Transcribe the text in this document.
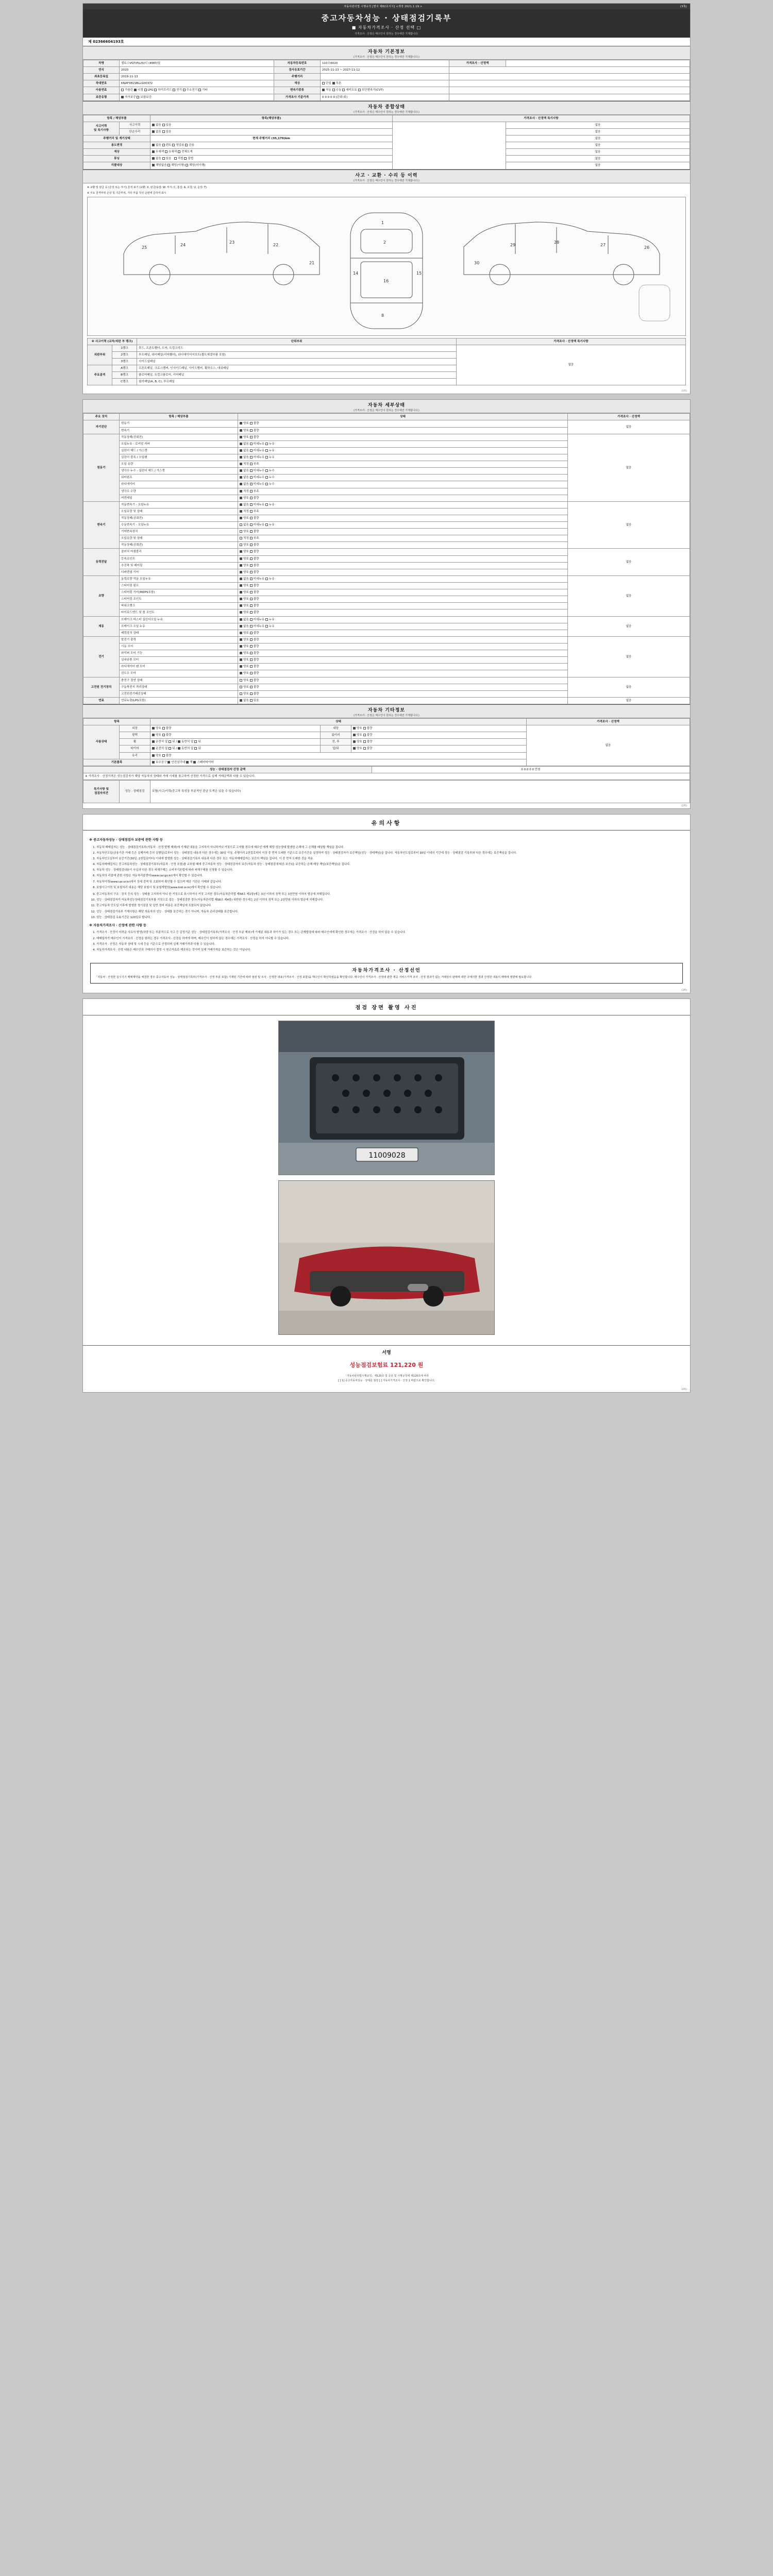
자동차관리법 시행규칙 [별지 제82호서식] <개정 2021.1.19.>	(3쪽)
중고자동차성능 · 상태점검기록부
■ 자동차가격조사 · 산정 선택 □
가격조사 · 산정은 매수인이 원하는 경우에만 기재합니다.
제 02366604193호
자동차 기본정보
(가격조사 · 산정은 매수인이 원하는 경우에만 기재합니다.)
차명	셀토스VGT(PLUS)디 (4WD)딜	자동차등록번호	110오6020	가격조사 · 산정액	
연식	2020	검사유효기간	2025-11-13 ~ 2027-11-12		
최초등록일	2019-11-13	주행거리			
차대번호	KNAF381SBLLG00372	색상	단일 투톤		
사용연료	가솔린 디젤 LPG 하이브리드 전기 수소전기 기타	변속기종류	자동 수동 세미오토 무단변속기(CVT)		
보증유형	자가보증 보험보증	가격조사 기준가격	0 0 0 0 0 (단위:회)		
자동차 종합상태
(가격조사 · 산정은 매수인이 원하는 경우에만 기재합니다.)
항목 / 해당부품		항목(해당부품)	가격조사 · 산정액 특기사항	
사고이력
및 특기사항	사고이력	없음 있음		없음
	단순수리	없음 있음		없음
주행거리 및 계기상태		현재 주행거리 (35,179)km		없음
용도변경		없음 렌트 영업용 관용		없음
색상		무채색 유채색 전체도색		없음
튜닝		없음 있음   적법 불법		없음
리콜대상		해당없음 해당(이행) 해당(미이행)		없음
사고 · 교환 · 수리 등 이력
(가격조사 · 산정은 매수인이 원하는 경우에만 기재합니다.)
※ 교환 및 판금 등 (손상 또는 부식) 흔적 표기 (교환: X, 판금/용접: W, 부식: C, 흠집: A, 요철: U, 손상: T)
※ 주요 골격부위 손상 및 기준부위, 기타 부품 작성 순번에 준하여 표시
25
24
23
22
21
1
2
16
8
14	15
30
29
28
27
26
※ 사고이력 (교차/외판 부 랭크)		단위부위	가격조사 · 산정액 특기사항
외판부위	1랭크	후드, 프론트휀더, 도어, 트렁크리드	없음
	2랭크	루프패널, 쿼터패널(리어휀더), 라디에이터서포트(볼트체결부품 포함)	
	3랭크	사이드실패널	
주요골격	A랭크	프론트패널, 크로스맴버, 인사이드패널, 사이드맴버, 휠하우스, 대쉬패널	
	B랭크	플로어패널, 트렁크플로어, 리어패널	
	C랭크	필러패널(A, B, C), 루프레일	
(1쪽)
자동차 세부상태
(가격조사 · 산정은 매수인이 원하는 경우에만 기재합니다.)
주요 장치	항목 / 해당부품	상태	가격조사 · 산정액
자기진단	원동기	양호 불량	없음
	변속기	양호 불량	
원동기	작동상태(공회전)	양호 불량	없음
	오일누유 - 로커암 커버	없음 미세누유 누유	
	실린더 헤드 / 가스켓	없음 미세누유 누유	
	실린더 블록 / 오일팬	없음 미세누유 누유	
	오일 유량	적정 부족	
	냉각수 누수 - 실린더 헤드 / 가스켓	없음 미세누수 누수	
	워터펌프	없음 미세누수 누수	
	라디에이터	없음 미세누수 누수	
	냉각수 수량	적정 부족	
	커먼레일	양호 불량	
변속기	자동변속기 - 오일누유	없음 미세누유 누유	없음
	오일유량 및 상태	적정 부족	
	작동상태(공회전)	양호 불량	
	수동변속기 - 오일누유	없음 미세누유 누유	
	기어변속장치	양호 불량	
	오일유량 및 상태	적정 부족	
	작동상태(공회전)	양호 불량	
동력전달	클러치 어셈블리	양호 불량	없음
	등속조인트	양호 불량	
	추진축 및 베어링	양호 불량	
	디퍼렌셜 기어	양호 불량	
조향	동력조향 작동 오일누유	없음 미세누유 누유	없음
	스티어링 펌프	양호 불량	
	스티어링 기어(MDPS포함)	양호 불량	
	스티어링 조인트	양호 불량	
	파워크랭크	양호 불량	
	타이로드엔드 및 볼 조인트	양호 불량	
제동	브레이크 마스터 실린더오일 누유	없음 미세누유 누유	없음
	브레이크 오일 누유	없음 미세누유 누유	
	배력장치 상태	양호 불량	
전기	발전기 출력	양호 불량	없음
	시동 모터	양호 불량	
	와이퍼 모터 기능	양호 불량	
	실내송풍 모터	양호 불량	
	라디에이터 팬 모터	양호 불량	
	윈도우 모터	양호 불량	
고전원 전기장치	충전구 절연 상태	양호 불량	없음
	구동축전지 격리상태	양호 불량	
	고전원전기배선상태	양호 불량	
연료	연료누출(LPG포함)	없음 있음	없음
자동차 기타정보
(가격조사 · 산정은 매수인이 원하는 경우에만 기재합니다.)
항목		상태			가격조사 · 산정액
사용상태	외장	양호 불량	내장	양호 불량	없음
	광택	양호 불량	룸미러	양호 불량	
	휠	운전석 앞 뒤 / 동반석 앞 뒤	전, 후	양호 불량	
	타이어	운전석 앞 뒤 / 동반석 앞 뒤	앞/뒤	양호 불량	
	유리	양호 불량			
기본품목		보수공구 안전삼각대 잭 스페어타이어			
성능 · 상태점검자 산정 금액	0 0 0 0 0 만원
※ 가격조사 · 산정가격은 성능점검자가 해당 자동차의 상태와 거래 시세를 참고하여 산정한 가격으로 실제 거래금액과 다를 수 있습니다.
특기사항 및
점검자의견	성능 · 상태점검	보험(사고)이력(중고차 특성상 부분적인 판금 도색은 있을 수 있습니다)
(2쪽)
유의사항
※ 중고자동차성능 · 상태점검자 보증에 관한 사항 등
1. 자동차 매매업자는 성능 · 상태점검기록부(자동차 · 산정 발행 제외)에 기재된 내용을 고지하지 아니하거나 거짓으로 고지할 경우에 매수인 에게 해당 성능상태 발생한 손해에 그 손해를 배상할 책임을 집니다.
2. 자동차인도일(금융기관 거래 등은 실제거래 등의 실행일)로부터 성능 · 상태점검 내용과 다른 경우에는 30일 이상, 주행거리 2천킬로미터 이상 중 먼저 도래한 기준으로 보증기간을 설정하여 성능 · 상태점검자가 보증책임(성능 · 상태책임)을 집니다. 자동차인도일로부터 30일 이내의 기간에 성능 · 상태점검 기록부와 다른 경우에는 보증책임을 집니다.
3. 자동차인도일부터 보증기간(30일, 2천킬로미터) 이내에 발생한 성능 · 상태점검기록부 내용과 다른 경우 또는 자동차매매업자는 보증의 책임을 집니다. 이 중 먼저 도래한 것을 적용.
4. 자동차매매업자는 중고자동차성능 · 상태점검기록부(자동차 · 산정 포함)를 교부할 때에 중고자동차 성능 · 상태점검자의 보증(자동차 성능 · 상태점검에 따른 보증)을 보증하는 손해 배상 책임(보증책임)을 집니다.
5. 자동차 성능 · 상태점검내용이 사실과 다른 경우 피해구제는 소비자기본법에 따라 피해구제를 신청할 수 있습니다.
6. 자동차의 리콜에 관한 사항은 자동차리콜센터(www.car.go.kr)에서 확인할 수 있습니다.
7. 자동차이력(www.car.or.kr)에서 상세 검색 및 조회하여 확인할 수 있으며 제공 기관은 아래와 같습니다.
8. 보험사고이력 및 보험처리 내용은 해당 보험사 및 보험개발원(www.kidi.or.kr)에서 확인할 수 있습니다.
9. 중고자동차의 구조 · 장치 등의 성능 · 상태를 고지하지 아니 한 거짓으로 표시하거나 거짓 고지한 경우(자동차관리법 제58조 제1항)에는 3년 이하의 징역 또는 3천만원 이하의 벌금에 처해집니다.
10. 성능 · 상태점검자가 자동차성능상태점검기록부를 거짓으로 성능 · 상태점검한 경우(자동차관리법 제58조 제4항) 위반한 경우에는 2년 이하의 징역 또는 2천만원 이하의 벌금에 처해집니다.
11. 중고자동차 인도일 이후에 발생한 정기점검 및 일반 정비 비용은 보증책임에 포함되지 않습니다.
12. 성능 · 상태점검기록부 기재사항은 해당 자동차의 성능 · 상태를 보증하는 것이 아니며, 자동차 관리상태를 보증합니다.
13. 성능 · 상태점검 유효기간은 120일로 합니다.
※ 자동차가격조사 · 산정에 관한 사항 등
1. 가격조사 · 산정이 어려운 사유의 발생(차량 또는 부분적으로 사고 등 감정기준 성능 · 상태점검기록부(가격조사 · 산정 부분 제외)에 기재된 내용과 차이가 있는 경우 또는 관계법령에 따라 매수인에게 확인한 경우에는 가격조사 · 산정을 하지 않을 수 있습니다.
2. 매매업자가 매수인이 가격조사 · 산정을 원하는 경우 가격조사 · 산정을 하여야 하며, 매수인이 원하지 않는 경우에는 가격조사 · 산정을 하지 아니할 수 있습니다.
3. 가격조사 · 산정은 자동차 상태 및 시세 등을 기준으로 산정되며 실제 거래가격과 다를 수 있습니다.
4. 자동차가격조사 · 산정 내용은 매수인의 구매의사 결정 시 참고자료로 제공되는 것이며 실제 거래가격을 보증하는 것은 아닙니다.
자동차가격조사 · 산정선언
「자동차 · 산정한 실시기기 매매계약을 체결한 경우 중고자동차 성능 · 상태점검기록부(가격조사 · 산정 부분 포함) 기재된 기간에 따라 점검 및 조사 · 산정한 내용(가격조사 · 산정 포함)을 매수인이 확인하였음을 확인합니다. 매수인이 가격조사 · 산정에 관한 제공 서비스가격 조사 · 산정 결과가 없는 거래상의 판매에 대한 구매의한 결과 산정한 내용의 매매에 영향에 필요합니다.
(3쪽)
점검 장면 촬영 사진
11009028
서명
성능점검보험료 121,220 원
「자동차관리법시행규칙」제120조 및 공단 및 시행규칙에 제120조에 따라
[ ] 1] 중고자동차성능 · 상태를 점검 [ ] 자동차가격조사 · 산정 1 바랍으로 확인합니다.
(4쪽)
